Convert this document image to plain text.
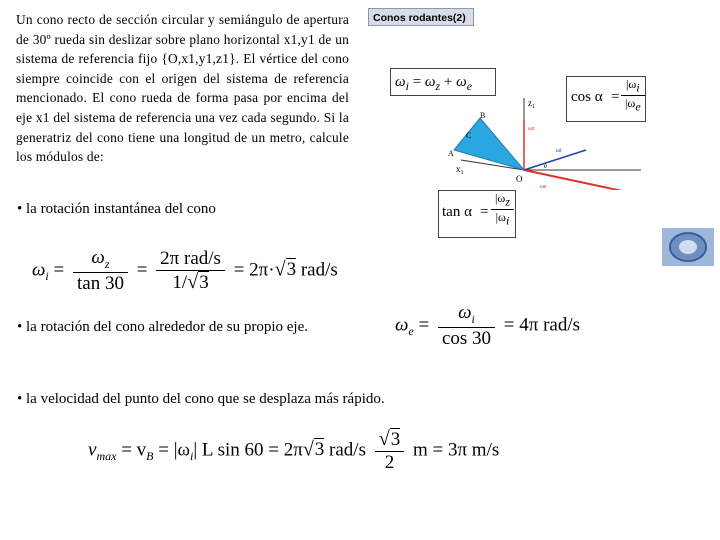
Un cono recto de sección circular y semiángulo de apertura de 30º rueda sin deslizar sobre plano horizontal x1,y1 de un sistema de referencia fijo {O,x1,y1,z1}. El vértice del cono siempre coincide con el origen del sistema de referencia mencionado. El cono rueda de forma pasa por encima del eje x1 del sistema de referencia una vez cada segundo. Si la generatriz del cono tiene una longitud de un metro, calcule los módulos de:
Conos rodantes(2)
$\omega_i = \omega_z + \omega_e$
$\cos \alpha = \frac{|\omega_i}{|\omega_e}$
$\tan \alpha = \frac{|\omega_z}{|\omega_i}$
$z_1$
B
C
A
$x_1$
O
e
ωz
ωi
ωe
• la rotación instantánea del cono
$\omega_i = \frac{\omega_z}{\tan 30} = \frac{\text{2π rad/s}}{1/√3} = 2\pi\cdot√3$ rad/s
• la rotación del cono alrededor de su propio eje.	$\omega_e = \frac{\omega_i}{\cos 30} = 4\pi$ rad/s
• la velocidad del punto del cono que se desplaza más rápido.
$v_{max} = v_B = |\omega_i|$ L sin 60 = 2π√3 $rad/s \frac{√3}{2}$ m = 3π m/s
